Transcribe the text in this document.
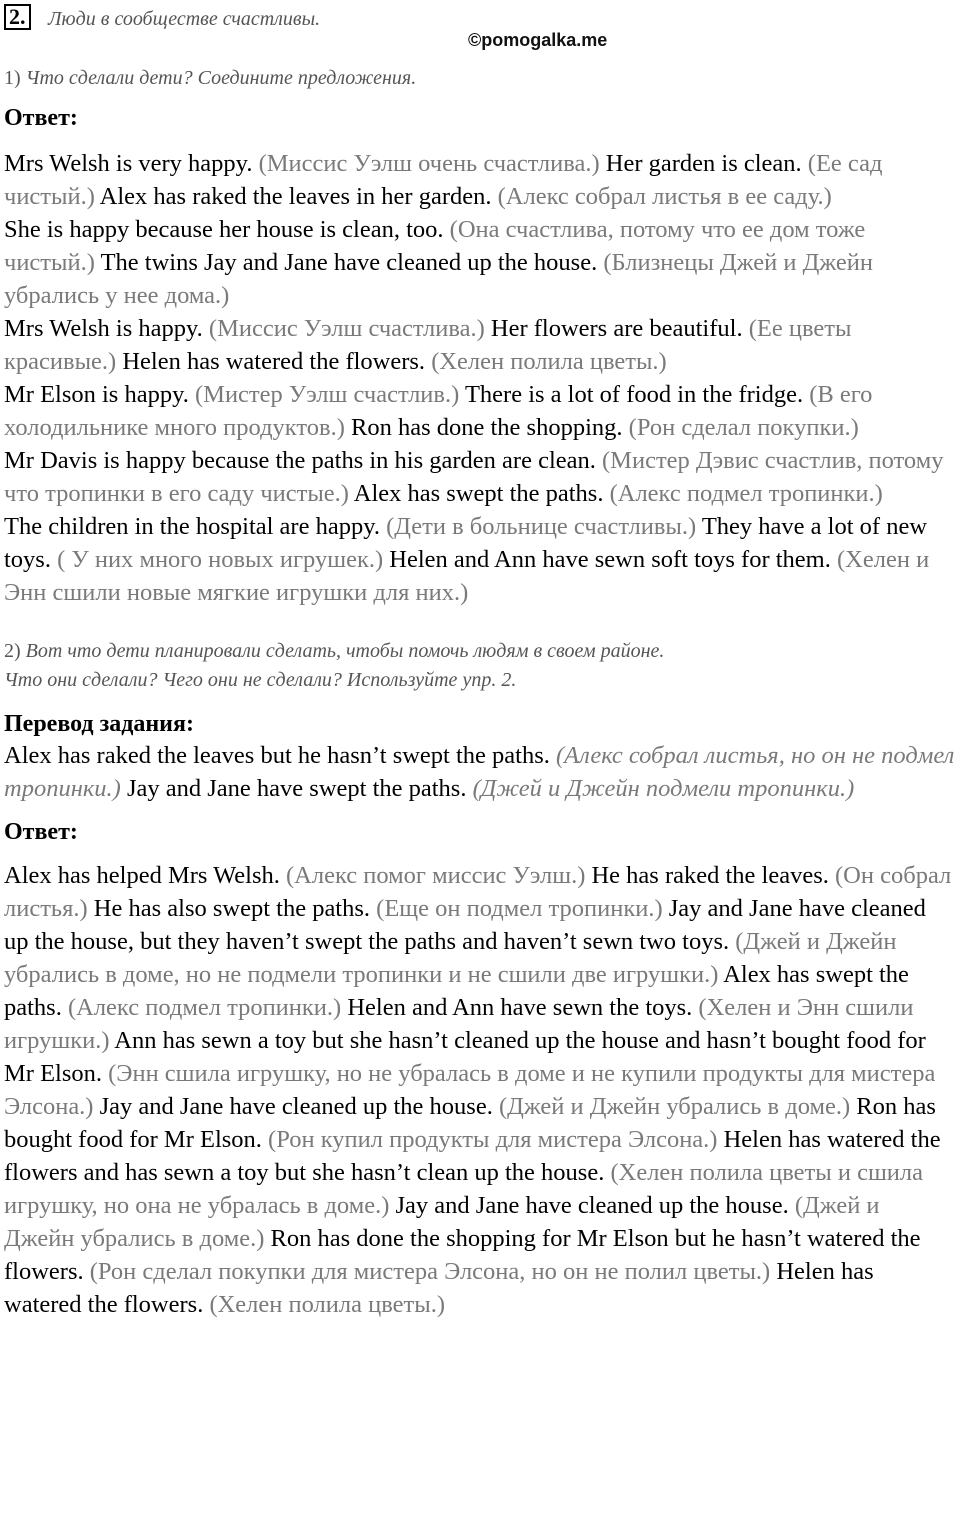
2. Люди в сообществе счастливы.
©pomogalka.me

1) Что сделали дети? Соедините предложения.

Ответ:

Mrs Welsh is very happy. (Миссис Уэлш очень счастлива.) Her garden is clean. (Ее сад чистый.) Alex has raked the leaves in her garden. (Алекс собрал листья в ее саду.)

She is happy because her house is clean, too. (Она счастлива, потому что ее дом тоже чистый.) The twins Jay and Jane have cleaned up the house. (Близнецы Джей и Джейн убрались у нее дома.)

Mrs Welsh is happy. (Миссис Уэлш счастлива.) Her flowers are beautiful. (Ее цветы красивые.) Helen has watered the flowers. (Хелен полила цветы.)

Mr Elson is happy. (Мистер Уэлш счастлив.) There is a lot of food in the fridge. (В его холодильнике много продуктов.) Ron has done the shopping. (Рон сделал покупки.)

Mr Davis is happy because the paths in his garden are clean. (Мистер Дэвис счастлив, потому что тропинки в его саду чистые.) Alex has swept the paths. (Алекс подмел тропинки.)

The children in the hospital are happy. (Дети в больнице счастливы.) They have a lot of new toys. ( У них много новых игрушек.) Helen and Ann have sewn soft toys for them. (Хелен и Энн сшили новые мягкие игрушки для них.)

2) Вот что дети планировали сделать, чтобы помочь людям в своем районе.
Что они сделали? Чего они не сделали? Используйте упр. 2.

Перевод задания:

Alex has raked the leaves but he hasn’t swept the paths. (Алекс собрал листья, но он не подмел тропинки.) Jay and Jane have swept the paths. (Джей и Джейн подмели тропинки.)

Ответ:

Alex has helped Mrs Welsh. (Алекс помог миссис Уэлш.) He has raked the leaves. (Он собрал листья.) He has also swept the paths. (Еще он подмел тропинки.) Jay and Jane have cleaned up the house, but they haven’t swept the paths and haven’t sewn two toys. (Джей и Джейн убрались в доме, но не подмели тропинки и не сшили две игрушки.) Alex has swept the paths. (Алекс подмел тропинки.) Helen and Ann have sewn the toys. (Хелен и Энн сшили игрушки.) Ann has sewn a toy but she hasn’t cleaned up the house and hasn’t bought food for Mr Elson. (Энн сшила игрушку, но не убралась в доме и не купили продукты для мистера Элсона.) Jay and Jane have cleaned up the house. (Джей и Джейн убрались в доме.) Ron has bought food for Mr Elson. (Рон купил продукты для мистера Элсона.) Helen has watered the flowers and has sewn a toy but she hasn’t clean up the house. (Хелен полила цветы и сшила игрушку, но она не убралась в доме.) Jay and Jane have cleaned up the house. (Джей и Джейн убрались в доме.) Ron has done the shopping for Mr Elson but he hasn’t watered the flowers. (Рон сделал покупки для мистера Элсона, но он не полил цветы.) Helen has watered the flowers. (Хелен полила цветы.)
